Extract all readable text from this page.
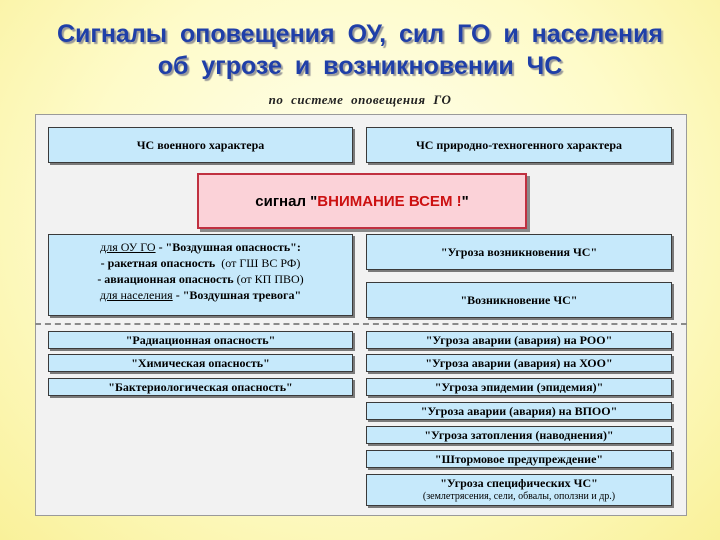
Сигналы оповещения ОУ, сил ГО и населения
об угрозе и возникновении ЧС
по системе оповещения ГО
ЧС военного характера	ЧС природно-техногенного характера
сигнал " ВНИМАНИЕ ВСЕМ ! "
для ОУ ГО - "Воздушная опасность":
- ракетная опасность (от ГШ ВС РФ)
- авиационная опасность (от КП ПВО)
для населения - "Воздушная тревога"
"Угроза возникновения ЧС"
"Возникновение ЧС"
"Радиационная опасность"
"Химическая опасность"
"Бактериологическая опасность"
"Угроза аварии (авария) на РОО"
"Угроза аварии (авария) на ХОО"
"Угроза эпидемии (эпидемия)"
"Угроза аварии (авария) на ВПОО"
"Угроза затопления (наводнения)"
"Штормовое предупреждение"
"Угроза специфических ЧС"
(землетрясения, сели, обвалы, оползни и др.)
